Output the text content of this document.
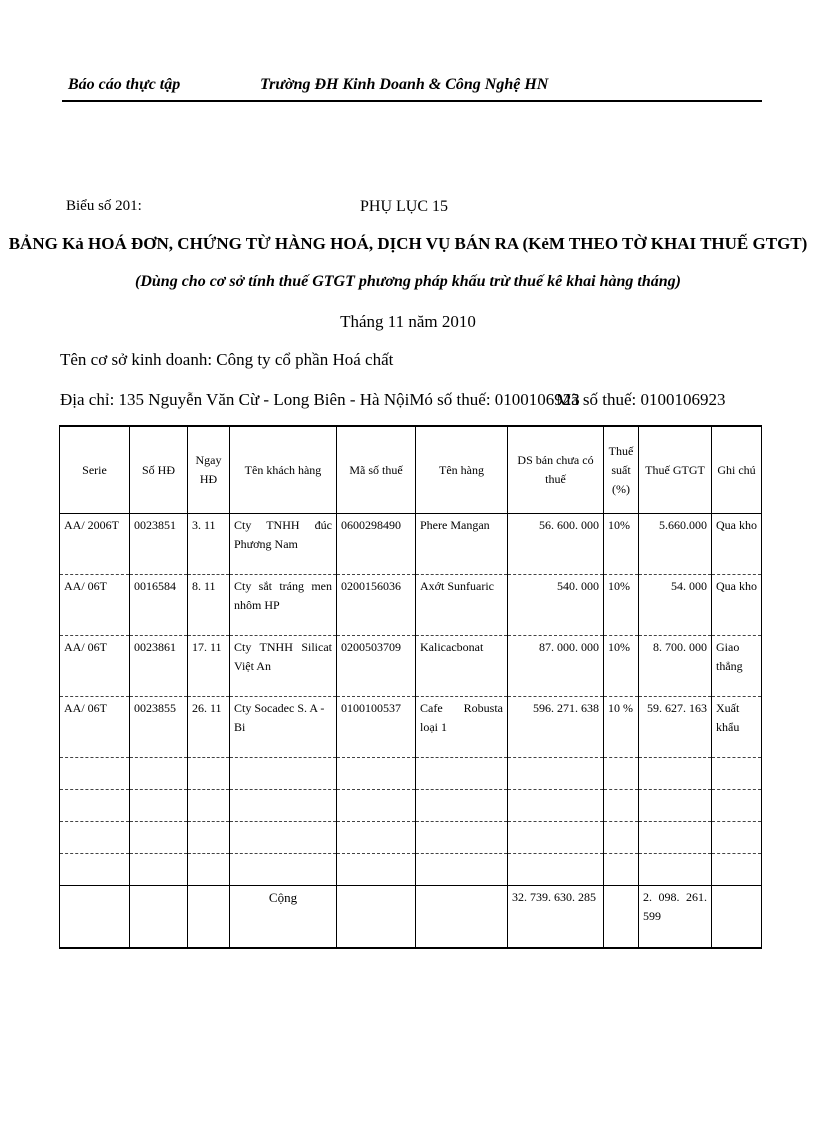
Báo cáo thực tập	Trường ĐH Kinh Doanh & Công Nghệ HN
Biểu số 201:	PHỤ LỤC 15
BẢNG Kả HOÁ ĐƠN, CHỨNG TỪ HÀNG HOÁ, DỊCH VỤ BÁN RA (KẻM THEO TỜ KHAI THUẾ GTGT)
(Dùng cho cơ sở tính thuế GTGT phương pháp khấu trừ thuế kê khai hàng tháng)
Tháng 11 năm 2010
Tên cơ sở kinh doanh: Công ty cổ phần Hoá chất
Địa chỉ: 135 Nguyễn Văn Cừ - Long Biên - Hà NộiMó số thuế: 0100106923
Mã số thuế: 0100106923
Serie	Số HĐ	Ngay HĐ	Tên khách hàng	Mã số thuế	Tên hàng	DS bán chưa có thuế	Thuế suất (%)	Thuế GTGT	Ghi chú
AA/ 2006T	0023851	3. 11	Cty TNHH đúc Phương Nam	0600298490	Phere Mangan	56. 600. 000	10%	5.660.000	Qua kho
AA/ 06T	0016584	8. 11	Cty sắt tráng men nhôm HP	0200156036	Axớt Sunfuaric	540. 000	10%	54. 000	Qua kho
AA/ 06T	0023861	17. 11	Cty TNHH Silicat Việt An	0200503709	Kalicacbonat	87. 000. 000	10%	8. 700. 000	Giao thẳng
AA/ 06T	0023855	26. 11	Cty Socadec S. A - Bi	0100100537	Cafe Robusta loại 1	596. 271. 638	10 %	59. 627. 163	Xuất khẩu

			Cộng			32. 739. 630. 285		2. 098. 261. 599	
